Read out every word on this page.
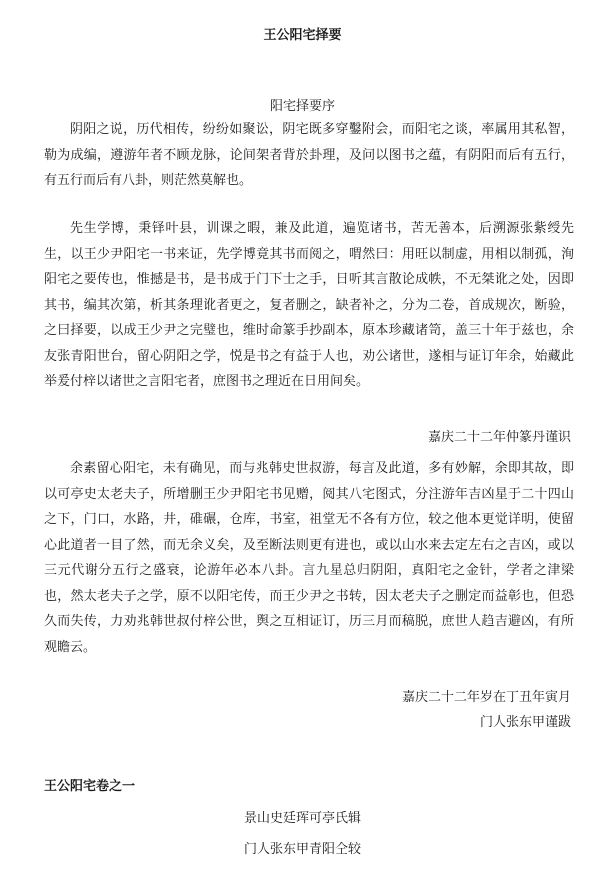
王公阳宅择要
阳宅择要序

阴阳之说，历代相传，纷纷如聚讼，阴宅既多穿鑿附会，而阳宅之谈，率属用其私智，勒为成编，遵游年者不顾龙脉，论间架者背於卦理，及问以图书之蕴，有阴阳而后有五行，有五行而后有八卦，则茫然莫解也。

先生学博，秉铎叶县，训课之暇，兼及此道，遍览诸书，苦无善本，后溯源张紫绶先生，以王少尹阳宅一书来证，先学博竟其书而阅之，喟然曰：用旺以制虚，用相以制孤，洵阳宅之要传也，惟撼是书，是书成于门下士之手，日听其言散论成帙，不无桀讹之处，因即其书，编其次第，析其条理讹者更之，复者删之，缺者补之，分为二卷，首成规次，断验，之曰择要，以成王少尹之完璧也，维时命篆手抄副本，原本珍藏诸笥，盖三十年于兹也，余友张青阳世台，留心阴阳之学，悦是书之有益于人也，劝公诸世，遂相与证订年余，始藏此举爰付梓以诸世之言阳宅者，庶图书之理近在日用间矣。

嘉庆二十二年仲篆丹谨识

余素留心阳宅，未有确见，而与兆韩史世叔游，每言及此道，多有妙解，余即其故，即以可亭史太老夫子，所增删王少尹阳宅书见赠，阅其八宅图式，分注游年吉凶星于二十四山之下，门口，水路，井，碓碾，仓库，书室，祖堂无不各有方位，较之他本更觉详明，使留心此道者一目了然，而无余义矣，及至断法则更有进也，或以山水来去定左右之吉凶，或以三元代谢分五行之盛衰，论游年必本八卦。言九星总归阴阳，真阳宅之金针，学者之津梁也，然太老夫子之学，原不以阳宅传，而王少尹之书转，因太老夫子之删定而益彰也，但恐久而失传，力劝兆韩世叔付梓公世，舆之互相证订，历三月而稿脱，庶世人趋吉避凶，有所观瞻云。

嘉庆二十二年岁在丁丑年寅月
门人张东甲谨跋
王公阳宅卷之一
景山史廷珲可亭氏辑
门人张东甲青阳仝较
